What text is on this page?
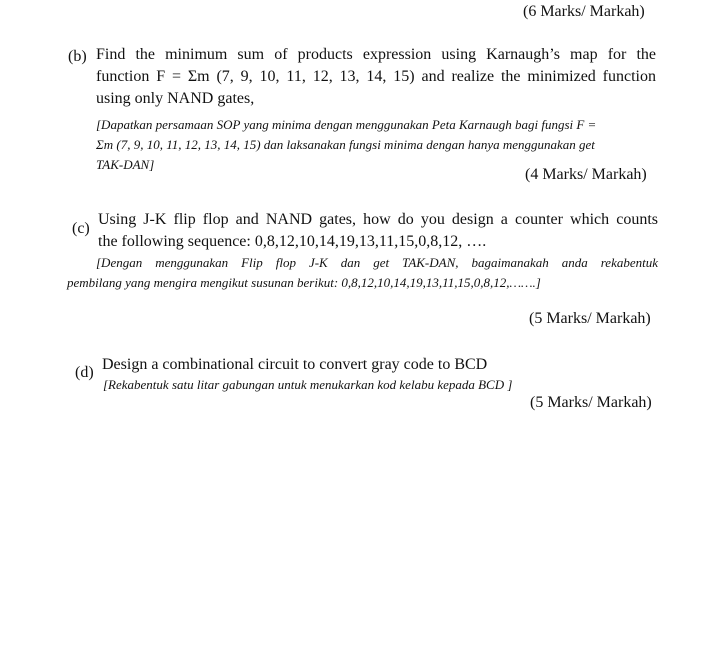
(6 Marks/ Markah)
(b) Find the minimum sum of products expression using Karnaugh’s map for the
function F = Σm (7, 9, 10, 11, 12, 13, 14, 15) and realize the minimized function
using only NAND gates,
[Dapatkan persamaan SOP yang minima dengan menggunakan Peta Karnaugh bagi fungsi F =
Σm (7, 9, 10, 11, 12, 13, 14, 15) dan laksanakan fungsi minima dengan hanya menggunakan get
TAK-DAN]
(4 Marks/ Markah)
(c)
Using J-K flip flop and NAND gates, how do you design a counter which counts
the following sequence: 0,8,12,10,14,19,13,11,15,0,8,12, ….
[Dengan menggunakan Flip flop J-K dan get TAK-DAN, bagaimanakah anda rekabentuk
pembilang yang mengira mengikut susunan berikut: 0,8,12,10,14,19,13,11,15,0,8,12,…….]
(5 Marks/ Markah)
(d) Design a combinational circuit to convert gray code to BCD
[Rekabentuk satu litar gabungan untuk menukarkan kod kelabu kepada BCD ]
(5 Marks/ Markah)
